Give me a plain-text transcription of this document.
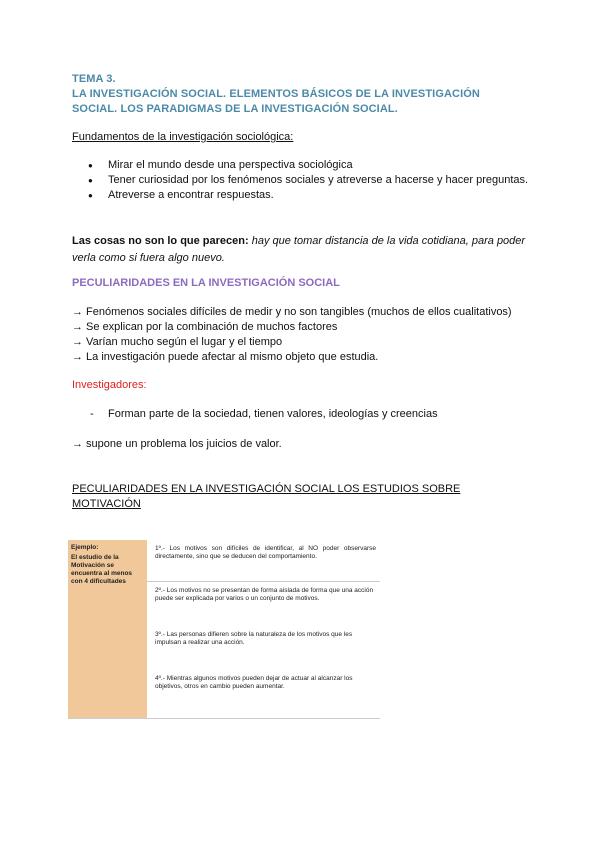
TEMA 3.
LA INVESTIGACIÓN SOCIAL. ELEMENTOS BÁSICOS DE LA INVESTIGACIÓN
SOCIAL. LOS PARADIGMAS DE LA INVESTIGACIÓN SOCIAL.
Fundamentos de la investigación sociológica:
● Mirar el mundo desde una perspectiva sociológica
● Tener curiosidad por los fenómenos sociales y atreverse a hacerse y hacer preguntas.
● Atreverse a encontrar respuestas.
Las cosas no son lo que parecen: hay que tomar distancia de la vida cotidiana, para poder verla como si fuera algo nuevo.
PECULIARIDADES EN LA INVESTIGACIÓN SOCIAL
→ Fenómenos sociales difíciles de medir y no son tangibles (muchos de ellos cualitativos)
→ Se explican por la combinación de muchos factores
→ Varían mucho según el lugar y el tiempo
→ La investigación puede afectar al mismo objeto que estudia.
Investigadores:
- Forman parte de la sociedad, tienen valores, ideologías y creencias
→ supone un problema los juicios de valor.
PECULIARIDADES EN LA INVESTIGACIÓN SOCIAL LOS ESTUDIOS SOBRE
MOTIVACIÓN
Ejemplo:
El estudio de la Motivación se encuentra al menos con 4 dificultades
1º.- Los motivos son difíciles de identificar, al NO poder observarse directamente, sino que se deducen del comportamiento.
2º.- Los motivos no se presentan de forma aislada de forma que una acción puede ser explicada por varios o un conjunto de motivos.
3º.- Las personas difieren sobre la naturaleza de los motivos que les impulsan a realizar una acción.
4º.- Mientras algunos motivos pueden dejar de actuar al alcanzar los objetivos, otros en cambio pueden aumentar.
